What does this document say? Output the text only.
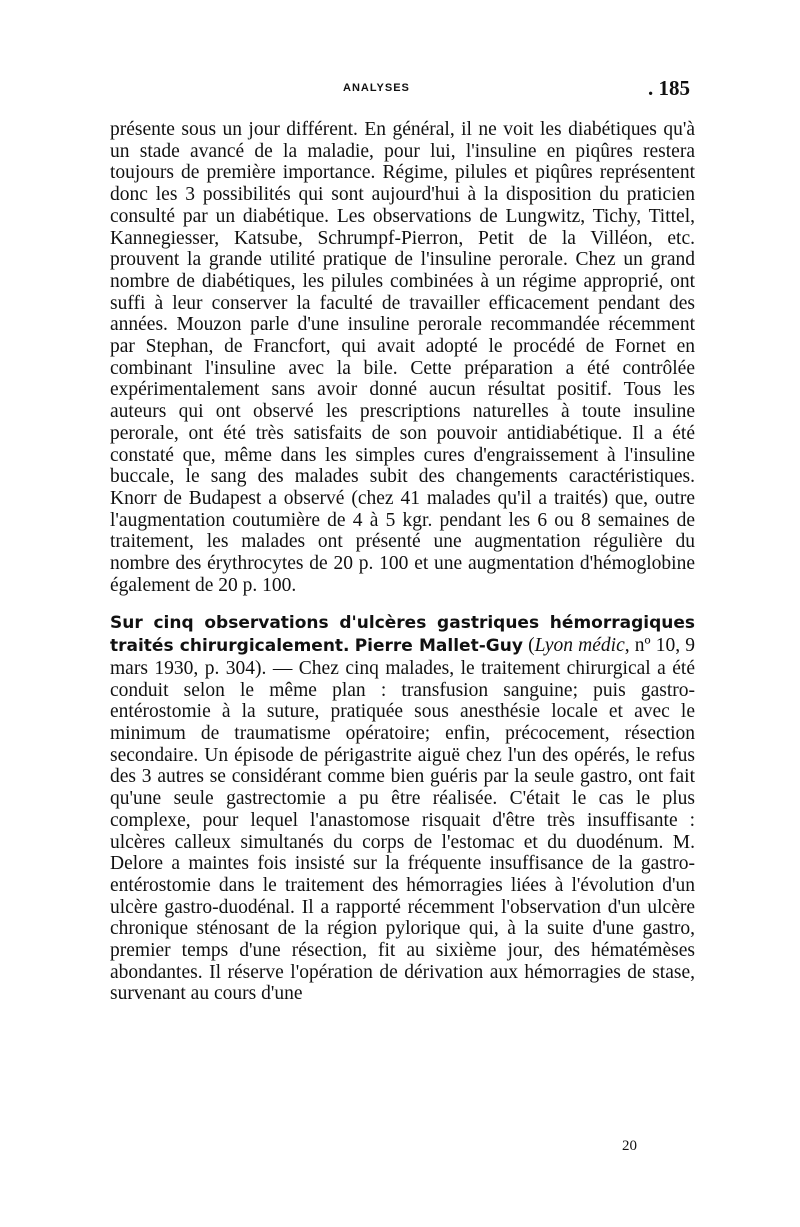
ANALYSES	. 185

présente sous un jour différent. En général, il ne voit les diabétiques qu'à un stade avancé de la maladie, pour lui, l'insuline en piqûres restera toujours de première importance. Régime, pilules et piqûres représentent donc les 3 possibilités qui sont aujourd'hui à la disposition du praticien consulté par un diabétique. Les observations de Lungwitz, Tichy, Tittel, Kannegiesser, Katsube, Schrumpf-Pierron, Petit de la Villéon, etc. prouvent la grande utilité pratique de l'insuline perorale. Chez un grand nombre de diabétiques, les pilules combinées à un régime approprié, ont suffi à leur conserver la faculté de travailler efficacement pendant des années. Mouzon parle d'une insuline perorale recommandée récemment par Stephan, de Francfort, qui avait adopté le procédé de Fornet en combinant l'insuline avec la bile. Cette préparation a été contrôlée expérimentalement sans avoir donné aucun résultat positif. Tous les auteurs qui ont observé les prescriptions naturelles à toute insuline perorale, ont été très satisfaits de son pouvoir antidiabétique. Il a été constaté que, même dans les simples cures d'engraissement à l'insuline buccale, le sang des malades subit des changements caractéristiques. Knorr de Budapest a observé (chez 41 malades qu'il a traités) que, outre l'augmentation coutumière de 4 à 5 kgr. pendant les 6 ou 8 semaines de traitement, les malades ont présenté une augmentation régulière du nombre des érythrocytes de 20 p. 100 et une augmentation d'hémoglobine également de 20 p. 100.

Sur cinq observations d'ulcères gastriques hémorragiques traités chirurgicalement. Pierre Mallet-Guy (Lyon médic, nº 10, 9 mars 1930, p. 304). — Chez cinq malades, le traitement chirurgical a été conduit selon le même plan : transfusion sanguine; puis gastro-entérostomie à la suture, pratiquée sous anesthésie locale et avec le minimum de traumatisme opératoire; enfin, précocement, résection secondaire. Un épisode de périgastrite aiguë chez l'un des opérés, le refus des 3 autres se considérant comme bien guéris par la seule gastro, ont fait qu'une seule gastrectomie a pu être réalisée. C'était le cas le plus complexe, pour lequel l'anastomose risquait d'être très insuffisante : ulcères calleux simultanés du corps de l'estomac et du duodénum. M. Delore a maintes fois insisté sur la fréquente insuffisance de la gastro-entérostomie dans le traitement des hémorragies liées à l'évolution d'un ulcère gastro-duodénal. Il a rapporté récemment l'observation d'un ulcère chronique sténosant de la région pylorique qui, à la suite d'une gastro, premier temps d'une résection, fit au sixième jour, des hématémèses abondantes. Il réserve l'opération de dérivation aux hémorragies de stase, survenant au cours d'une

20
